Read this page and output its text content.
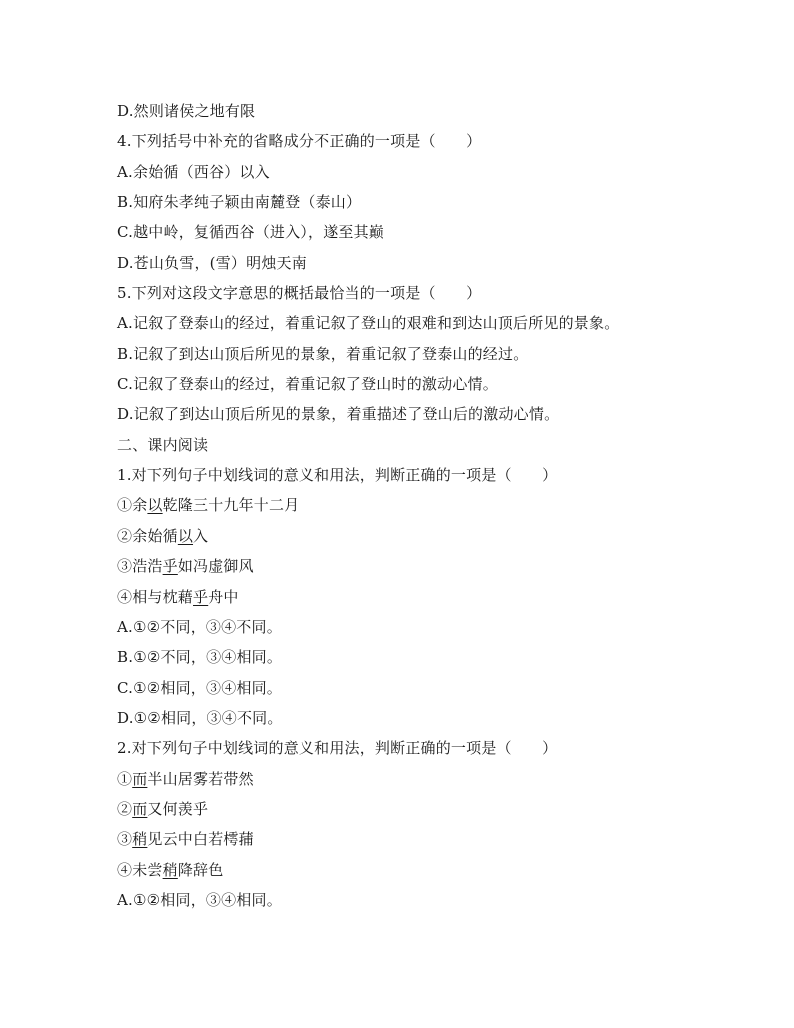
D.然则诸侯之地有限
4.下列括号中补充的省略成分不正确的一项是（　　）
A.余始循（西谷）以入
B.知府朱孝纯子颖由南麓登（泰山）
C.越中岭，复循西谷（进入），遂至其巅
D.苍山负雪，(雪）明烛天南
5.下列对这段文字意思的概括最恰当的一项是（　　）
A.记叙了登泰山的经过，着重记叙了登山的艰难和到达山顶后所见的景象。
B.记叙了到达山顶后所见的景象，着重记叙了登泰山的经过。
C.记叙了登泰山的经过，着重记叙了登山时的激动心情。
D.记叙了到达山顶后所见的景象，着重描述了登山后的激动心情。
二、课内阅读
1.对下列句子中划线词的意义和用法，判断正确的一项是（　　）
①余以乾隆三十九年十二月
②余始循以入
③浩浩乎如冯虚御风
④相与枕藉乎舟中
A.①②不同，③④不同。
B.①②不同，③④相同。
C.①②相同，③④相同。
D.①②相同，③④不同。
2.对下列句子中划线词的意义和用法，判断正确的一项是（　　）
①而半山居雾若带然
②而又何羡乎
③稍见云中白若樗蒱
④未尝稍降辞色
A.①②相同，③④相同。
